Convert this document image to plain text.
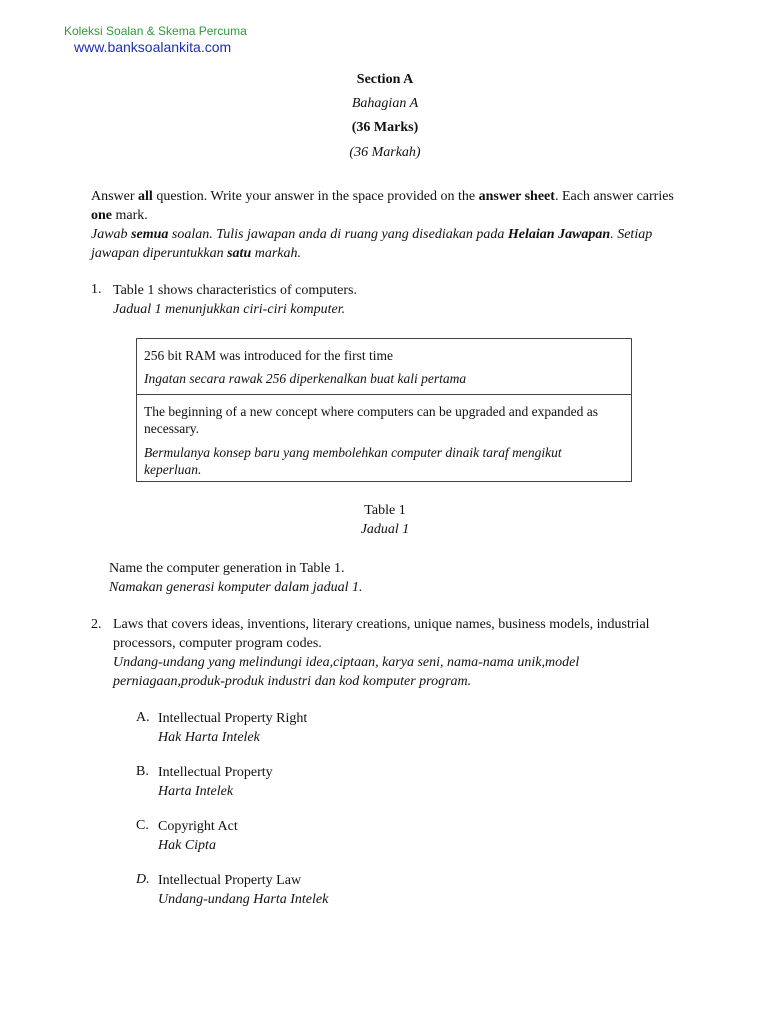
Koleksi Soalan & Skema Percuma
www.banksoalankita.com
Section A
Bahagian A
(36 Marks)
(36 Markah)
Answer all question. Write your answer in the space provided on the answer sheet. Each answer carries
one mark.
Jawab semua soalan. Tulis jawapan anda di ruang yang disediakan pada Helaian Jawapan. Setiap
jawapan diperuntukkan satu markah.
1. Table 1 shows characteristics of computers.
Jadual 1 menunjukkan ciri-ciri komputer.
256 bit RAM was introduced for the first time
Ingatan secara rawak 256 diperkenalkan buat kali pertama
The beginning of a new concept where computers can be upgraded and expanded as
necessary.
Bermulanya konsep baru yang membolehkan computer dinaik taraf mengikut
keperluan.
Table 1
Jadual 1
Name the computer generation in Table 1.
Namakan generasi komputer dalam jadual 1.
2. Laws that covers ideas, inventions, literary creations, unique names, business models, industrial
processors, computer program codes.
Undang-undang yang melindungi idea,ciptaan, karya seni, nama-nama unik,model
perniagaan,produk-produk industri dan kod komputer program.
A. Intellectual Property Right
Hak Harta Intelek
B. Intellectual Property
Harta Intelek
C. Copyright Act
Hak Cipta
D. Intellectual Property Law
Undang-undang Harta Intelek
